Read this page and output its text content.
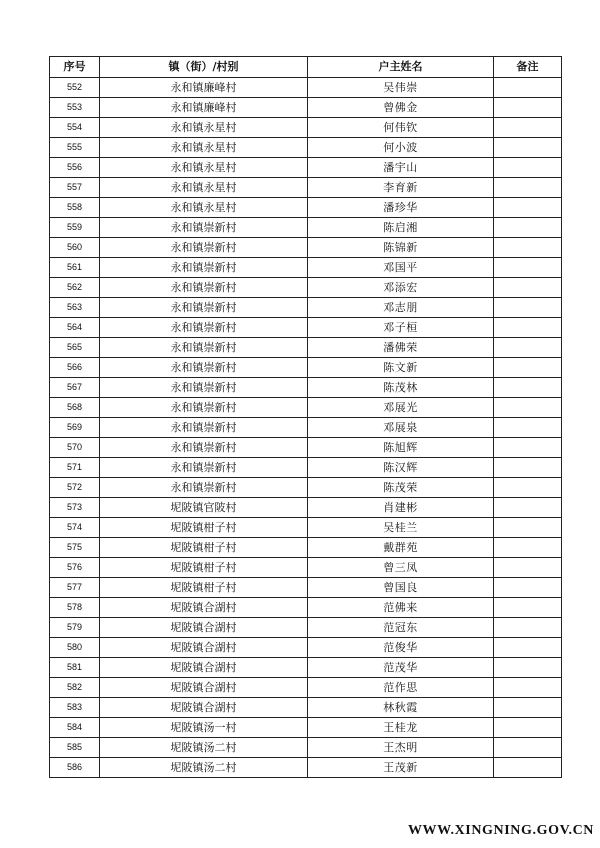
序号	镇（街）/村别	户主姓名	备注
552	永和镇廉峰村	吴伟崇	
553	永和镇廉峰村	曾佛金	
554	永和镇永星村	何伟钦	
555	永和镇永星村	何小波	
556	永和镇永星村	潘宇山	
557	永和镇永星村	李育新	
558	永和镇永星村	潘珍华	
559	永和镇崇新村	陈启湘	
560	永和镇崇新村	陈锦新	
561	永和镇崇新村	邓国平	
562	永和镇崇新村	邓添宏	
563	永和镇崇新村	邓志朋	
564	永和镇崇新村	邓子桓	
565	永和镇崇新村	潘佛荣	
566	永和镇崇新村	陈文新	
567	永和镇崇新村	陈茂林	
568	永和镇崇新村	邓展光	
569	永和镇崇新村	邓展泉	
570	永和镇崇新村	陈旭辉	
571	永和镇崇新村	陈汉辉	
572	永和镇崇新村	陈茂荣	
573	坭陂镇官陂村	肖建彬	
574	坭陂镇柑子村	吴桂兰	
575	坭陂镇柑子村	戴群苑	
576	坭陂镇柑子村	曾三凤	
577	坭陂镇柑子村	曾国良	
578	坭陂镇合湖村	范佛来	
579	坭陂镇合湖村	范冠东	
580	坭陂镇合湖村	范俊华	
581	坭陂镇合湖村	范茂华	
582	坭陂镇合湖村	范作思	
583	坭陂镇合湖村	林秋霞	
584	坭陂镇汤一村	王桂龙	
585	坭陂镇汤二村	王杰明	
586	坭陂镇汤二村	王茂新	
WWW.XINGNING.GOV.CN
